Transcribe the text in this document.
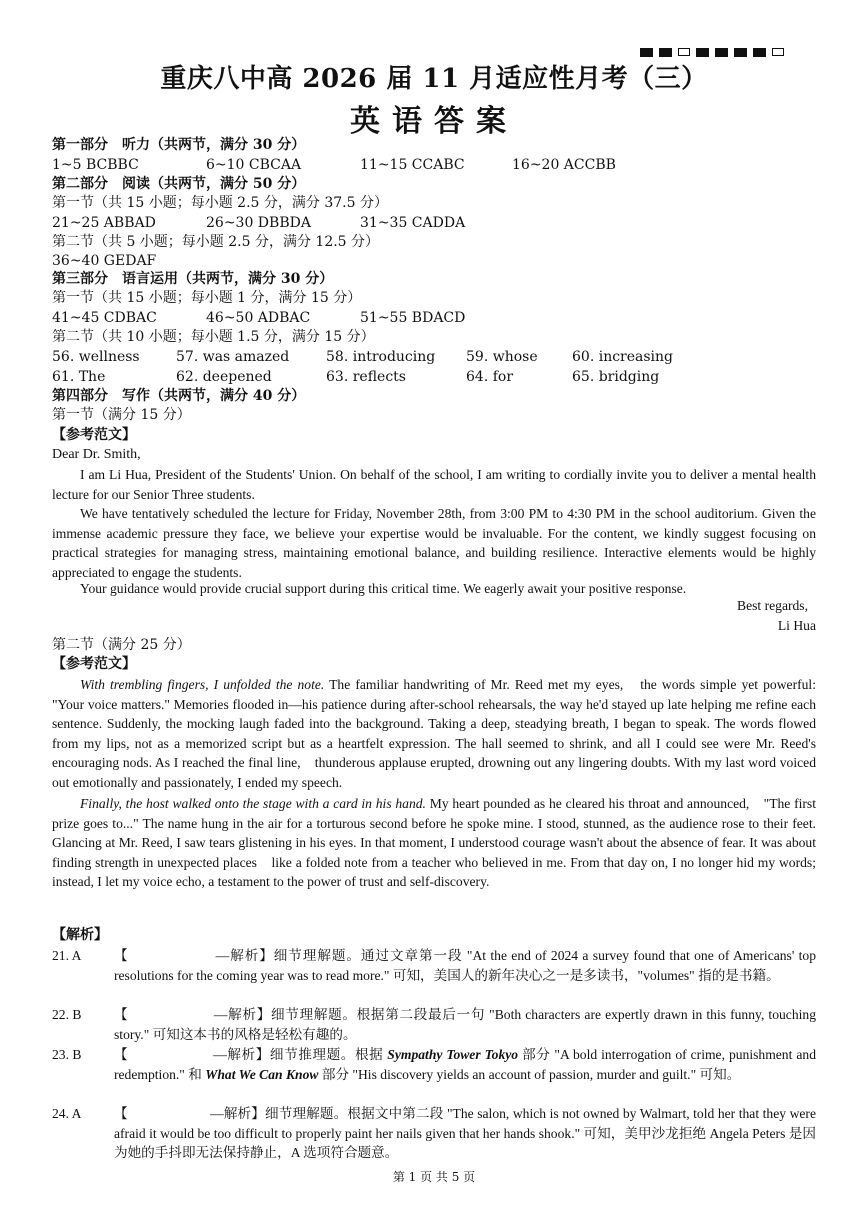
重庆八中高 2026 届 11 月适应性月考（三）
英语答案
第一部分　听力（共两节，满分 30 分）
1~5 BCBBC	6~10 CBCAA	11~15 CCABC	16~20 ACCBB
第二部分　阅读（共两节，满分 50 分）
第一节（共 15 小题；每小题 2.5 分，满分 37.5 分）
21~25 ABBAD	26~30 DBBDA	31~35 CADDA
第二节（共 5 小题；每小题 2.5 分，满分 12.5 分）
36~40 GEDAF
第三部分　语言运用（共两节，满分 30 分）
第一节（共 15 小题；每小题 1 分，满分 15 分）
41~45 CDBAC	46~50 ADBAC	51~55 BDACD
第二节（共 10 小题；每小题 1.5 分，满分 15 分）
56. wellness	57. was amazed	58. introducing 59. whose 60. increasing
61. The	62. deepened	63. reflects	64. for	65. bridging
第四部分　写作（共两节，满分 40 分）
第一节（满分 15 分）
【参考范文】
Dear Dr. Smith,
I am Li Hua, President of the Students' Union. On behalf of the school, I am writing to cordially invite you to deliver a mental health lecture for our Senior Three students.
We have tentatively scheduled the lecture for Friday, November 28th, from 3:00 PM to 4:30 PM in the school auditorium. Given the immense academic pressure they face, we believe your expertise would be invaluable. For the content, we kindly suggest focusing on practical strategies for managing stress, maintaining emotional balance, and building resilience. Interactive elements would be highly appreciated to engage the students.
Your guidance would provide crucial support during this critical time. We eagerly await your positive response.
Best regards,
Li Hua
第二节（满分 25 分）
【参考范文】
With trembling fingers, I unfolded the note. The familiar handwriting of Mr. Reed met my eyes,　the words simple yet powerful: "Your voice matters." Memories flooded in—his patience during after-school rehearsals, the way he'd stayed up late helping me refine each sentence. Suddenly, the mocking laugh faded into the background. Taking a deep, steadying breath, I began to speak. The words flowed from my lips, not as a memorized script but as a heartfelt expression. The hall seemed to shrink, and all I could see were Mr. Reed's encouraging nods. As I reached the final line,　thunderous applause erupted, drowning out any lingering doubts. With my last word voiced out emotionally and passionately, I ended my speech.
Finally, the host walked onto the stage with a card in his hand. My heart pounded as he cleared his throat and announced,　"The first prize goes to..." The name hung in the air for a torturous second before he spoke mine. I stood, stunned, as the audience rose to their feet. Glancing at Mr. Reed, I saw tears glistening in his eyes. In that moment, I understood courage wasn't about the absence of fear. It was about finding strength in unexpected places　like a folded note from a teacher who believed in me. From that day on, I no longer hid my words; instead, I let my voice echo, a testament to the power of trust and self-discovery.
【解析】
21. A 【　　　　　　—解析】细节理解题。通过文章第一段 "At the end of 2024 a survey found that one of Americans' top resolutions for the coming year was to read more." 可知，美国人的新年决心之一是多读书，"volumes" 指的是书籍。
22. B 【　　　　　　—解析】细节理解题。根据第二段最后一句 "Both characters are expertly drawn in this funny, touching story." 可知这本书的风格是轻松有趣的。
23. B 【　　　　　　—解析】细节推理题。根据 Sympathy Tower Tokyo 部分 "A bold interrogation of crime, punishment and redemption." 和 What We Can Know 部分 "His discovery yields an account of passion, murder and guilt." 可知。
24. A 【　　　　　　—解析】细节理解题。根据文中第二段 "The salon, which is not owned by Walmart, told her that they were afraid it would be too difficult to properly paint her nails given that her hands shook." 可知，美甲沙龙拒绝 Angela Peters 是因为她的手抖即无法保持静止，A 选项符合题意。
第 1 页 共 5 页
